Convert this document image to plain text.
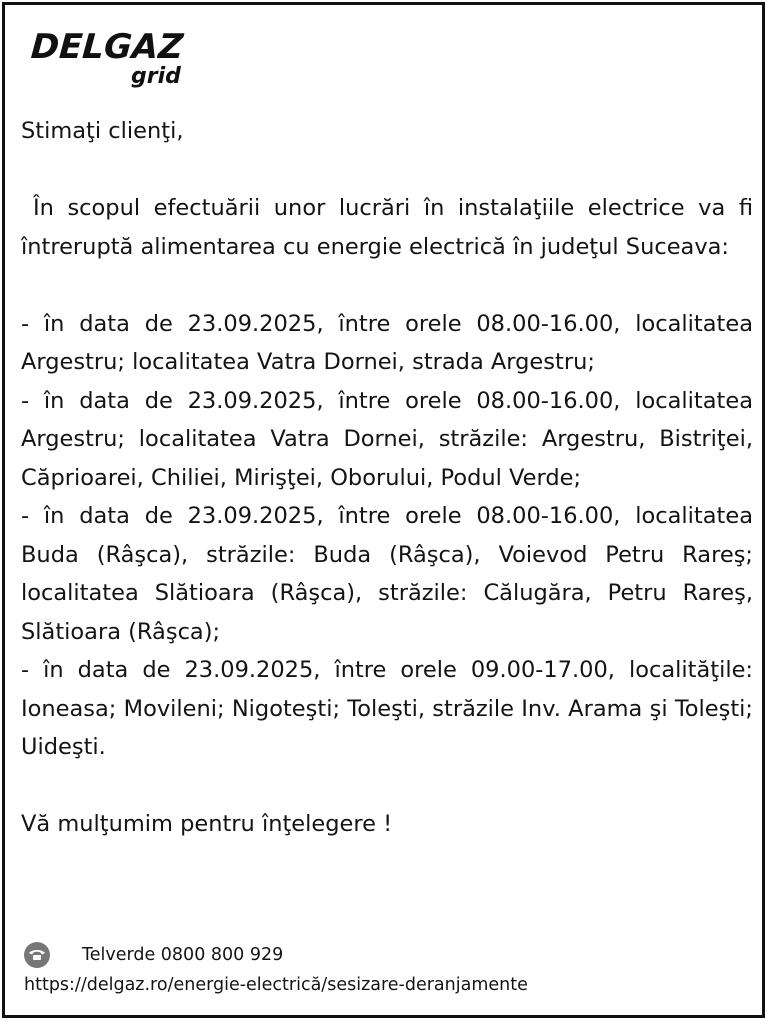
DELGAZ
grid

Stimaţi clienţi,

În scopul efectuării unor lucrări în instalaţiile electrice va fi întreruptă alimentarea cu energie electrică în judeţul Suceava:

- în data de 23.09.2025, între orele 08.00-16.00, localitatea Argestru; localitatea Vatra Dornei, strada Argestru;

- în data de 23.09.2025, între orele 08.00-16.00, localitatea Argestru; localitatea Vatra Dornei, străzile: Argestru, Bistriţei, Căprioarei, Chiliei, Mirişţei, Oborului, Podul Verde;

- în data de 23.09.2025, între orele 08.00-16.00, localitatea Buda (Râşca), străzile: Buda (Râşca), Voievod Petru Rareş; localitatea Slătioara (Râşca), străzile: Călugăra, Petru Rareş, Slătioara (Râşca);

- în data de 23.09.2025, între orele 09.00-17.00, localităţile: Ioneasa; Movileni; Nigoteşti; Toleşti, străzile Inv. Arama şi Toleşti; Uideşti.

Vă mulţumim pentru înţelegere !

Telverde 0800 800 929
https://delgaz.ro/energie-electrică/sesizare-deranjamente
